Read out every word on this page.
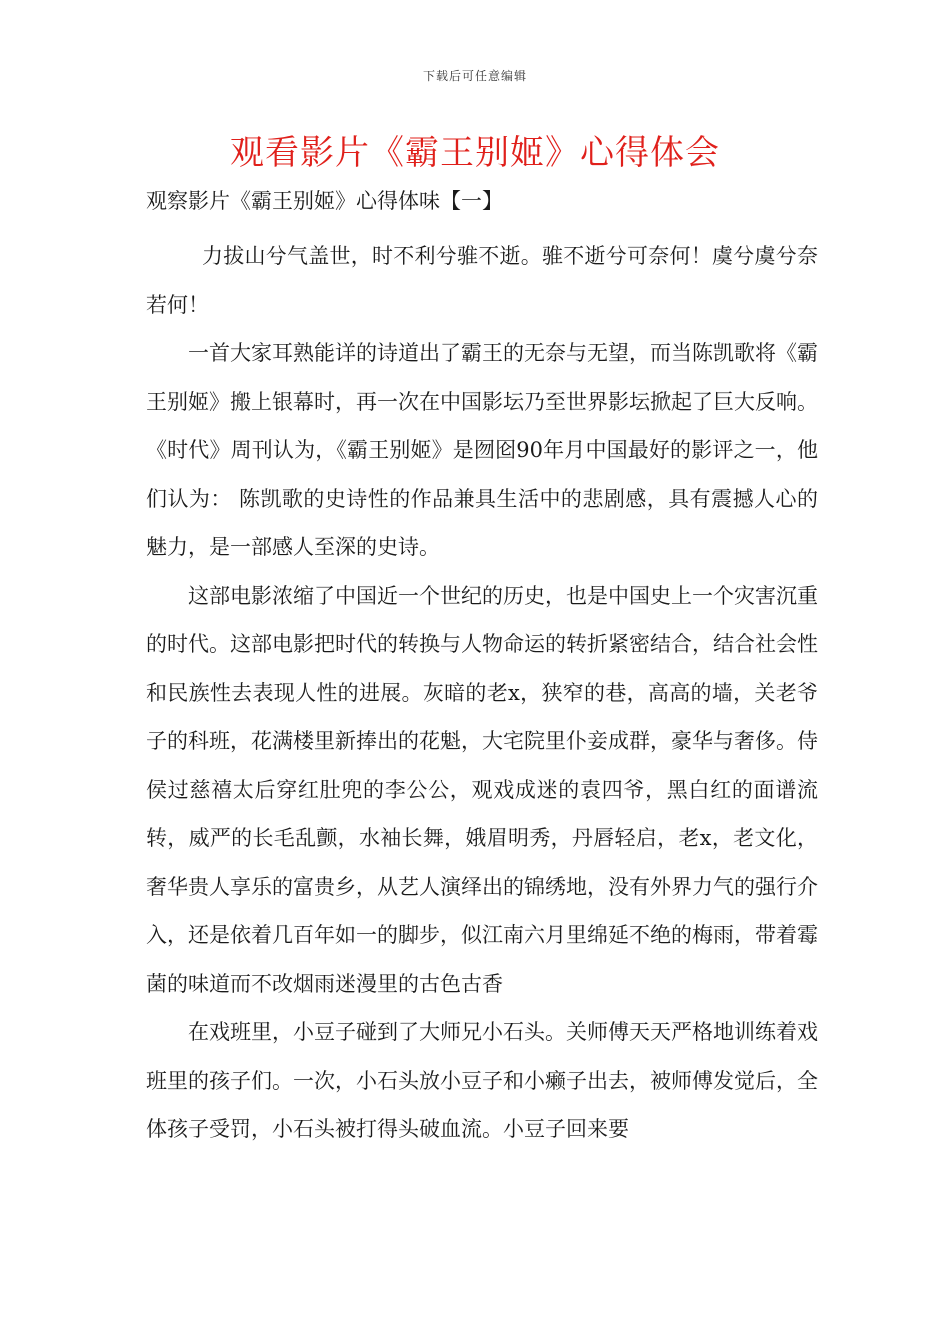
下载后可任意编辑
观看影片《霸王别姬》心得体会

观察影片《霸王别姬》心得体味【一】

力拔山兮气盖世，时不利兮骓不逝。骓不逝兮可奈何！虞兮虞兮奈若何！

一首大家耳熟能详的诗道出了霸王的无奈与无望，而当陈凯歌将《霸王别姬》搬上银幕时，再一次在中国影坛乃至世界影坛掀起了巨大反响。《时代》周刊认为，《霸王别姬》是囫囵90年月中国最好的影评之一，他们认为： 陈凯歌的史诗性的作品兼具生活中的悲剧感，具有震撼人心的魅力，是一部感人至深的史诗。

这部电影浓缩了中国近一个世纪的历史，也是中国史上一个灾害沉重的时代。这部电影把时代的转换与人物命运的转折紧密结合，结合社会性和民族性去表现人性的进展。灰暗的老x，狭窄的巷，高高的墙，关老爷子的科班，花满楼里新捧出的花魁，大宅院里仆妾成群，豪华与奢侈。侍侯过慈禧太后穿红肚兜的李公公，观戏成迷的袁四爷，黑白红的面谱流转，威严的长毛乱颤，水袖长舞，娥眉明秀，丹唇轻启，老x，老文化，奢华贵人享乐的富贵乡，从艺人演绎出的锦绣地，没有外界力气的强行介入，还是依着几百年如一的脚步，似江南六月里绵延不绝的梅雨，带着霉菌的味道而不改烟雨迷漫里的古色古香

在戏班里，小豆子碰到了大师兄小石头。关师傅天天严格地训练着戏班里的孩子们。一次，小石头放小豆子和小癞子出去，被师傅发觉后，全体孩子受罚，小石头被打得头破血流。小豆子回来要
